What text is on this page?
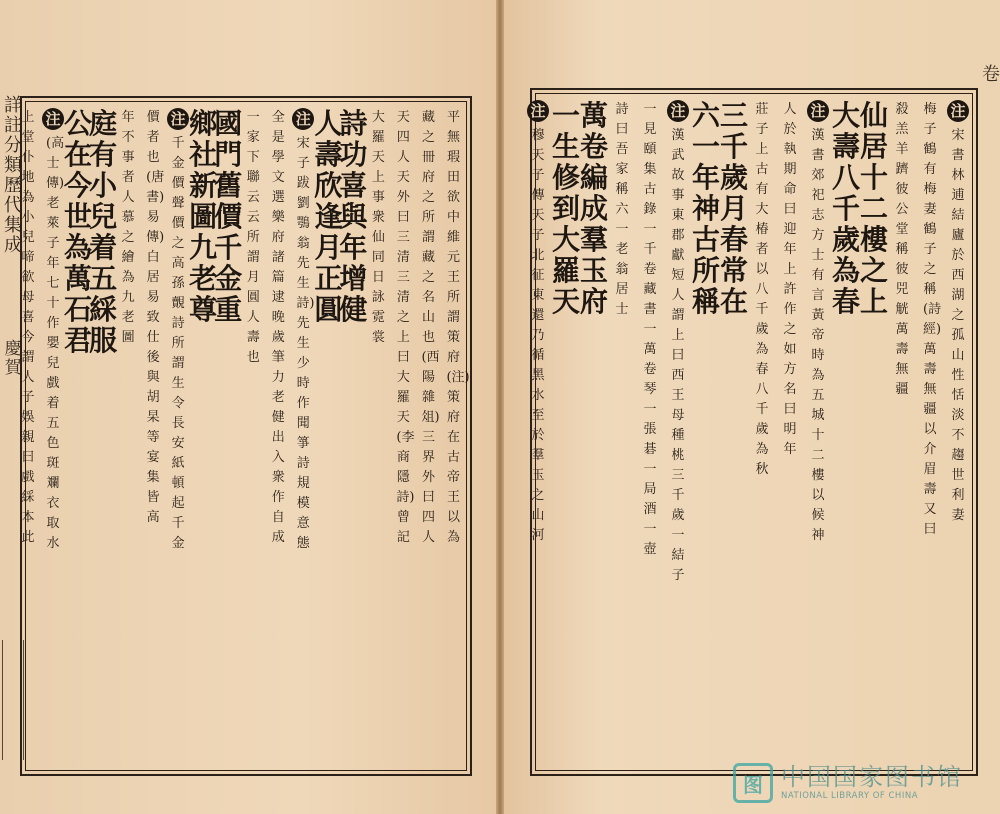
詳註分類歷代集成
慶賀
平無瑕田欲中維元王所謂策府(注)策府在古帝王以為
藏之冊府之所謂藏之名山也(西陽雜俎)三界外曰四人
天四人天外曰三清三清之上曰大羅天(李商隱詩)曾記
大羅天上事衆仙同日詠霓裳
詩
功
喜
與
年
增
健
人
壽
欣
逢
月
正
圓
注
宋子跋劉鶚翁先生詩)先生少時作聞箏詩規模意態
全是學文選樂府諸篇逮晚歲筆力老健出入衆作自成
一家下聯云云所謂月圓人壽也
國
門
舊
價
千
金
重
鄉
社
新
圖
九
老
尊
注
千金價聲價之高孫覿詩所謂生令長安紙頓起千金
價者也(唐書)易傳)白居易致仕後與胡杲等宴集皆高
年不事者人慕之繪為九老圖
庭
有
小
兒
着
五
綵
服
公
在
今
世
為
萬
石
君
注
(高士傳)老萊子年七十作嬰兒戲着五色斑斕衣取水
上堂仆地為小兒啼欲母喜今謂人子娛親曰戲綵本此
注
宋書林逋結廬於西湖之孤山性恬淡不趨世利妻
梅子鶴有梅妻鶴子之稱(詩經)萬壽無疆以介眉壽又曰
殺羔羊躋彼公堂稱彼兕觥萬壽無疆
仙
居
十
二
樓
之
上
大
壽
八
千
歲
為
春
注
漢書郊祀志方士有言黃帝時為五城十二樓以候神
人於執期命曰迎年上許作之如方名曰明年
莊子上古有大椿者以八千歲為春八千歲為秋
三
千
歲
月
春
常
在
六
一
年
神
古
所
稱
注
漢武故事東郡獻短人謂上曰西王母種桃三千歲一結子
一見頤集古錄一千卷藏書一萬卷琴一張碁一局酒一壺
詩曰吾家稱六一老翁居士
萬
卷
編
成
羣
玉
府
一
生
修
到
大
羅
天
注
穆天子傳天子北征東還乃循黑水至於羣玉之山河
卷
图 中国国家图书馆
NATIONAL LIBRARY OF CHINA
